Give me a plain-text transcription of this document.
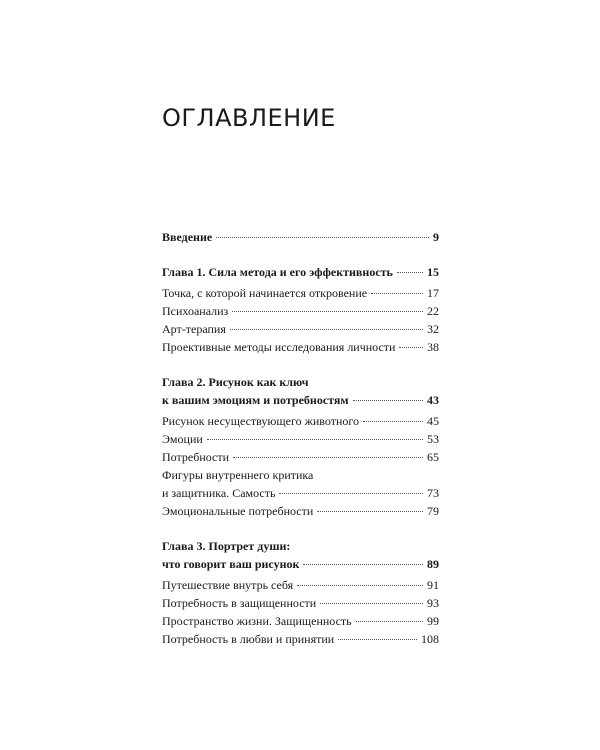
ОГЛАВЛЕНИЕ
Введение	9
Глава 1. Сила метода и его эффективность	15
Точка, с которой начинается откровение	17
Психоанализ	22
Арт-терапия	32
Проективные методы исследования личности	38
Глава 2. Рисунок как ключ
к вашим эмоциям и потребностям	43
Рисунок несуществующего животного	45
Эмоции	53
Потребности	65
Фигуры внутреннего критика
и защитника. Самость	73
Эмоциональные потребности	79
Глава 3. Портрет души:
что говорит ваш рисунок	89
Путешествие внутрь себя	91
Потребность в защищенности	93
Пространство жизни. Защищенность	99
Потребность в любви и принятии	108
